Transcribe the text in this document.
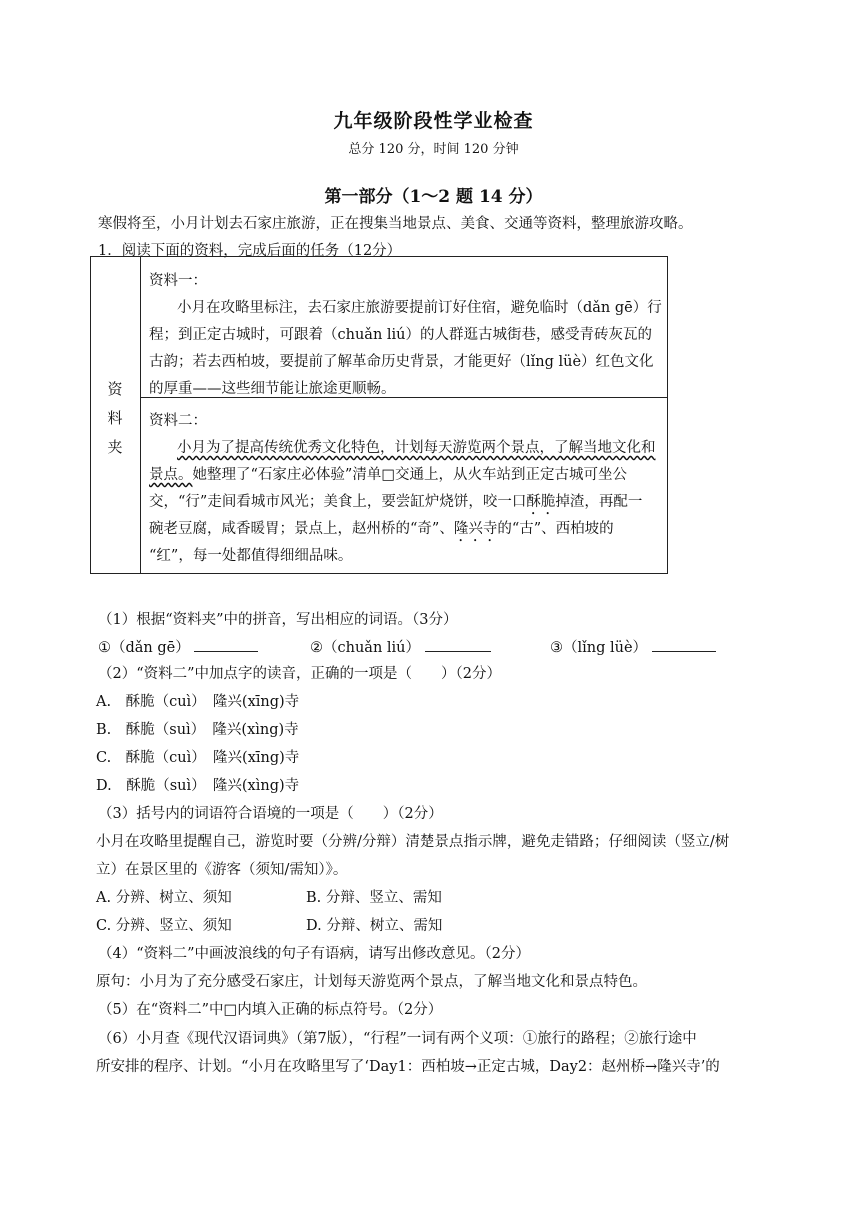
九年级阶段性学业检查
总分 120 分，时间 120 分钟
第一部分（1～2 题 14 分）
寒假将至，小月计划去石家庄旅游，正在搜集当地景点、美食、交通等资料，整理旅游攻略。
1．阅读下面的资料，完成后面的任务（12分）
资
料
夹
资料一：
小月在攻略里标注，去石家庄旅游要提前订好住宿，避免临时（dǎn gē）行
程；到正定古城时，可跟着（chuǎn liú）的人群逛古城街巷，感受青砖灰瓦的
古韵；若去西柏坡，要提前了解革命历史背景，才能更好（lǐng lüè）红色文化
的厚重——这些细节能让旅途更顺畅。
资料二：
小月为了提高传统优秀文化特色，计划每天游览两个景点，了解当地文化和
景点。她整理了“石家庄必体验”清单□交通上，从火车站到正定古城可坐公
交，“行”走间看城市风光；美食上，要尝缸炉烧饼，咬一口酥脆掉渣，再配一
碗老豆腐，咸香暖胃；景点上，赵州桥的“奇”、隆兴寺的“古”、西柏坡的
“红”，每一处都值得细细品味。
（1）根据“资料夹”中的拼音，写出相应的词语。（3分）
①（dǎn gē）	②（chuǎn liú）	③（lǐng lüè）
（2）“资料二”中加点字的读音，正确的一项是（　　）（2分）
A.　酥脆（cuì）　隆兴(xīng)寺
B.　酥脆（suì）　隆兴(xìng)寺
C.　酥脆（cuì）　隆兴(xīng)寺
D.　酥脆（suì）　隆兴(xìng)寺
（3）括号内的词语符合语境的一项是（　　）（2分）
小月在攻略里提醒自己，游览时要（分辨/分辩）清楚景点指示牌，避免走错路；仔细阅读（竖立/树
立）在景区里的《游客（须知/需知）》。
A. 分辨、树立、须知	B. 分辩、竖立、需知
C. 分辨、竖立、须知	D. 分辩、树立、需知
（4）“资料二”中画波浪线的句子有语病，请写出修改意见。（2分）
原句：小月为了充分感受石家庄，计划每天游览两个景点，了解当地文化和景点特色。
（5）在“资料二”中□内填入正确的标点符号。（2分）
（6）小月查《现代汉语词典》（第7版），“行程”一词有两个义项：①旅行的路程；②旅行途中
所安排的程序、计划。“小月在攻略里写了‘Day1：西柏坡→正定古城，Day2：赵州桥→隆兴寺’的
